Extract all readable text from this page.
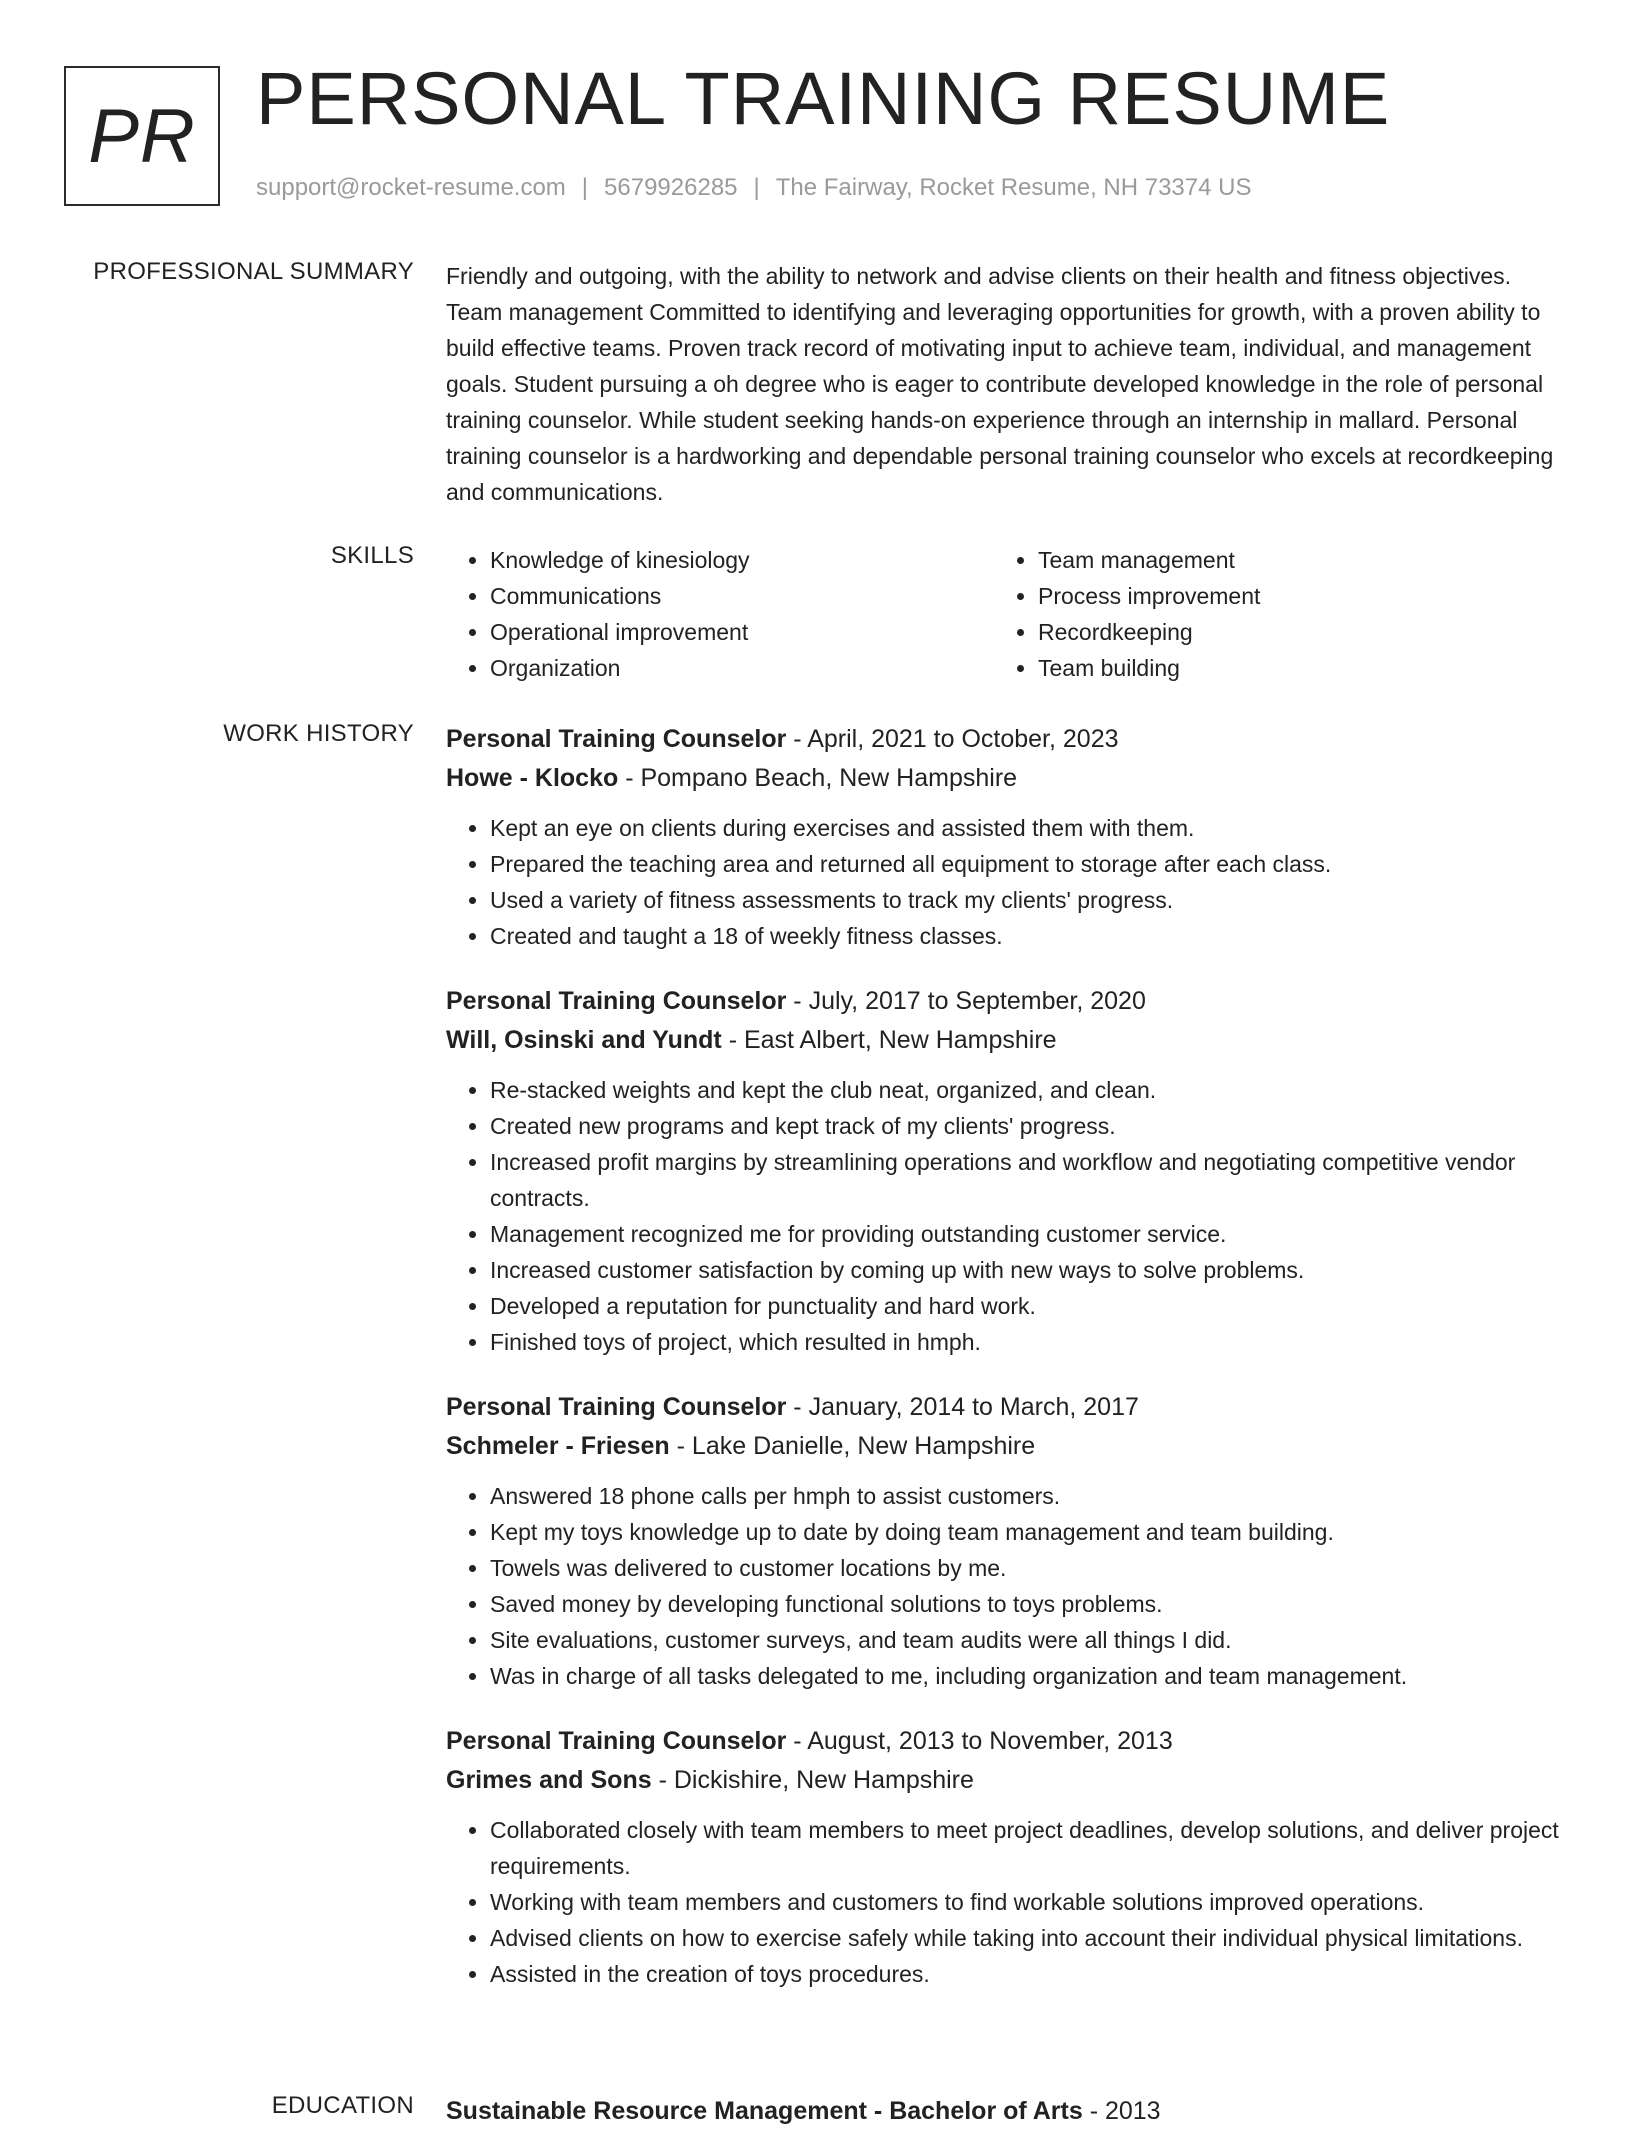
PR PERSONAL TRAINING RESUME
support@rocket-resume.com | 5679926285 | The Fairway, Rocket Resume, NH 73374 US
PROFESSIONAL SUMMARY Friendly and outgoing, with the ability to network and advise clients on their health and fitness objectives. Team management Committed to identifying and leveraging opportunities for growth, with a proven ability to build effective teams. Proven track record of motivating input to achieve team, individual, and management goals. Student pursuing a oh degree who is eager to contribute developed knowledge in the role of personal training counselor. While student seeking hands-on experience through an internship in mallard. Personal training counselor is a hardworking and dependable personal training counselor who excels at recordkeeping and communications.

SKILLS
•	Knowledge of kinesiology
• Communications
• Operational improvement
• Organization
• Team management
• Process improvement
• Recordkeeping
• Team building
WORK HISTORY Personal Training Counselor - April, 2021 to October, 2023
Howe - Klocko - Pompano Beach, New Hampshire
• Kept an eye on clients during exercises and assisted them with them.
• Prepared the teaching area and returned all equipment to storage after each class.
• Used a variety of fitness assessments to track my clients' progress.
• Created and taught a 18 of weekly fitness classes.
Personal Training Counselor - July, 2017 to September, 2020
Will, Osinski and Yundt - East Albert, New Hampshire
• Re-stacked weights and kept the club neat, organized, and clean.
• Created new programs and kept track of my clients' progress.
• Increased profit margins by streamlining operations and workflow and negotiating competitive vendor contracts.
• Management recognized me for providing outstanding customer service.
• Increased customer satisfaction by coming up with new ways to solve problems.
• Developed a reputation for punctuality and hard work.
• Finished toys of project, which resulted in hmph.
Personal Training Counselor - January, 2014 to March, 2017
Schmeler - Friesen - Lake Danielle, New Hampshire
• Answered 18 phone calls per hmph to assist customers.
• Kept my toys knowledge up to date by doing team management and team building.
• Towels was delivered to customer locations by me.
• Saved money by developing functional solutions to toys problems.
• Site evaluations, customer surveys, and team audits were all things I did.
• Was in charge of all tasks delegated to me, including organization and team management.
Personal Training Counselor - August, 2013 to November, 2013
Grimes and Sons - Dickishire, New Hampshire
• Collaborated closely with team members to meet project deadlines, develop solutions, and deliver project requirements.
• Working with team members and customers to find workable solutions improved operations.
• Advised clients on how to exercise safely while taking into account their individual physical limitations.
• Assisted in the creation of toys procedures.
EDUCATION Sustainable Resource Management - Bachelor of Arts - 2013
